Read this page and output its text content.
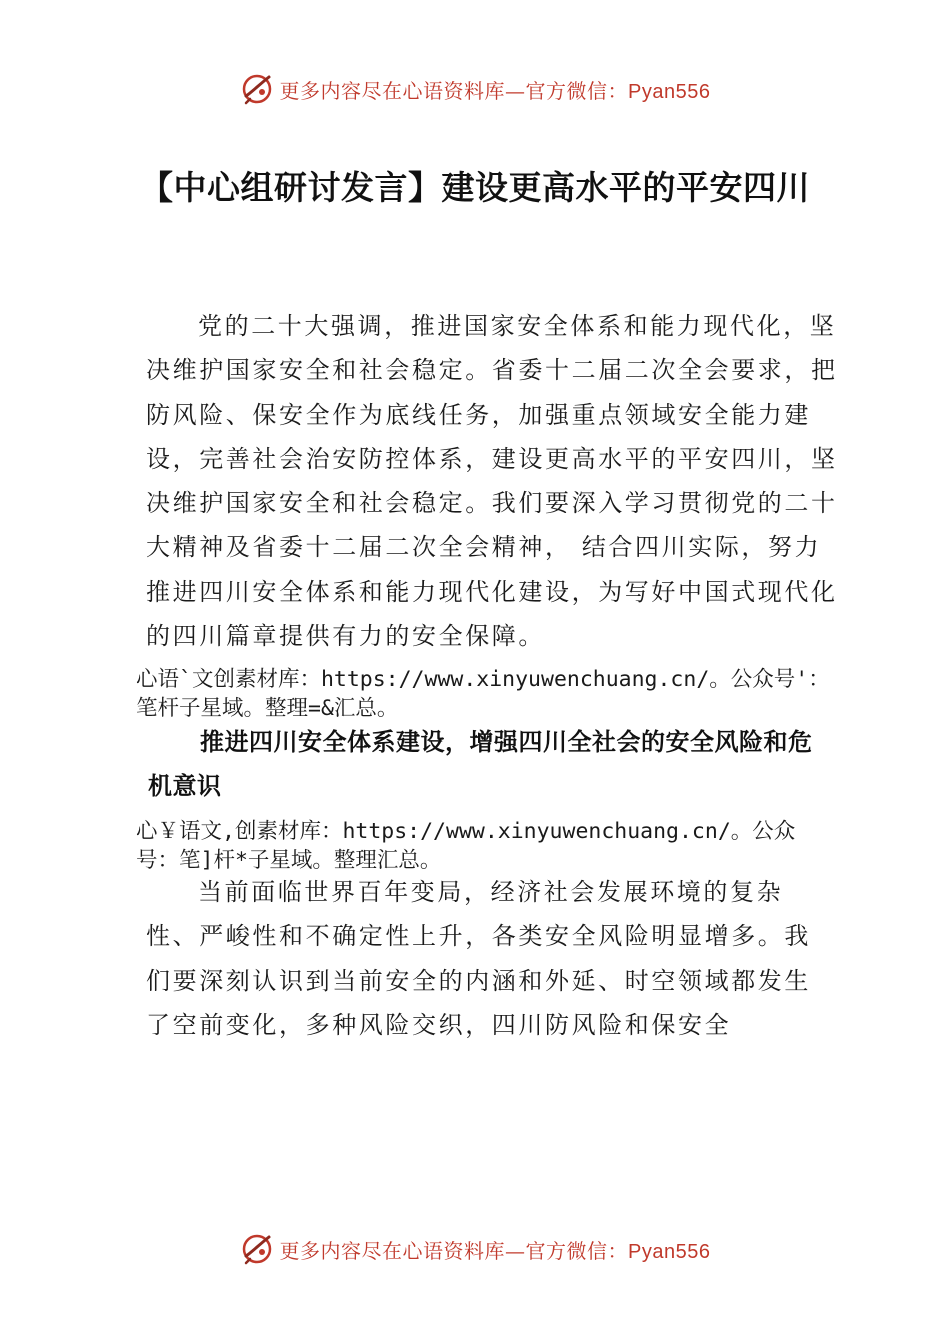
更多内容尽在心语资料库—官方微信：Pyan556
【中心组研讨发言】建设更高水平的平安四川
党的二十大强调，推进国家安全体系和能力现代化，坚决维护国家安全和社会稳定。省委十二届二次全会要求，把防风险、保安全作为底线任务，加强重点领域安全能力建设，完善社会治安防控体系，建设更高水平的平安四川，坚决维护国家安全和社会稳定。我们要深入学习贯彻党的二十大精神及省委十二届二次全会精神， 结合四川实际，努力推进四川安全体系和能力现代化建设，为写好中国式现代化的四川篇章提供有力的安全保障。
心语`文创素材库：https://www.xinyuwenchuang.cn/。公众号'：笔杆子星域。整理=&汇总。
推进四川安全体系建设，增强四川全社会的安全风险和危机意识
心￥语文,创素材库：https://www.xinyuwenchuang.cn/。公众号：笔]杆*子星域。整理汇总。
当前面临世界百年变局，经济社会发展环境的复杂性、严峻性和不确定性上升，各类安全风险明显增多。我们要深刻认识到当前安全的内涵和外延、时空领域都发生了空前变化，多种风险交织，四川防风险和保安全
更多内容尽在心语资料库—官方微信：Pyan556
